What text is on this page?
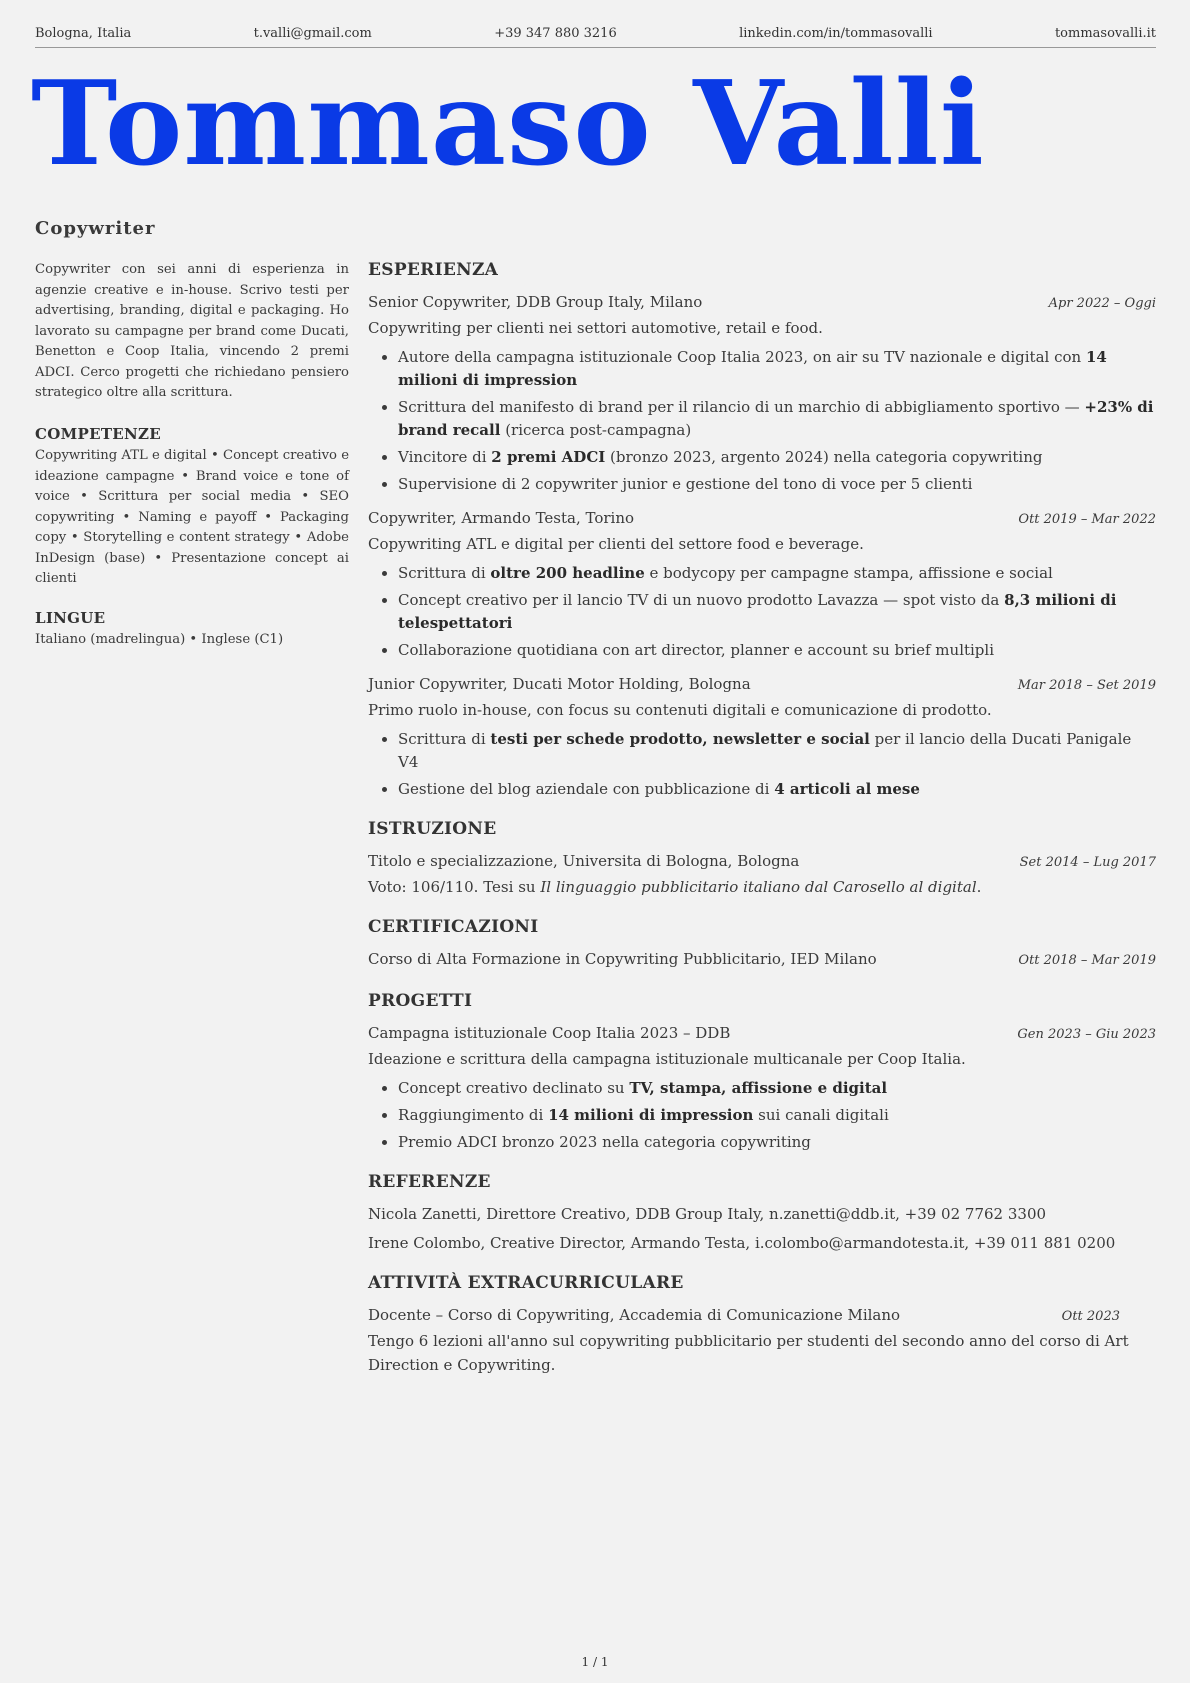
Bologna, Italia	t.valli@gmail.com	+39 347 880 3216	linkedin.com/in/tommasovalli	tommasovalli.it
Tommaso Valli
Copywriter

Copywriter con sei anni di esperienza in agenzie creative e in-house. Scrivo testi per advertising, branding, digital e packaging. Ho lavorato su campagne per brand come Ducati, Benetton e Coop Italia, vincendo 2 premi ADCI. Cerco progetti che richiedano pensiero strategico oltre alla scrittura.

COMPETENZE
Copywriting ATL e digital • Concept creativo e ideazione campagne • Brand voice e tone of voice • Scrittura per social media • SEO copywriting • Naming e payoff • Packaging copy • Storytelling e content strategy • Adobe InDesign (base) • Presentazione concept ai clienti
LINGUE
Italiano (madrelingua) • Inglese (C1)
ESPERIENZA
Senior Copywriter, DDB Group Italy, Milano	Apr 2022 – Oggi

Copywriting per clienti nei settori automotive, retail e food.

• Autore della campagna istituzionale Coop Italia 2023, on air su TV nazionale e digital con 14 milioni di impression
• Scrittura del manifesto di brand per il rilancio di un marchio di abbigliamento sportivo — +23% di brand recall (ricerca post-campagna)
• Vincitore di 2 premi ADCI (bronzo 2023, argento 2024) nella categoria copywriting
• Supervisione di 2 copywriter junior e gestione del tono di voce per 5 clienti
Copywriter, Armando Testa, Torino	Ott 2019 – Mar 2022

Copywriting ATL e digital per clienti del settore food e beverage.

• Scrittura di oltre 200 headline e bodycopy per campagne stampa, affissione e social
• Concept creativo per il lancio TV di un nuovo prodotto Lavazza — spot visto da 8,3 milioni di telespettatori
• Collaborazione quotidiana con art director, planner e account su brief multipli
Junior Copywriter, Ducati Motor Holding, Bologna	Mar 2018 – Set 2019

Primo ruolo in-house, con focus su contenuti digitali e comunicazione di prodotto.

• Scrittura di testi per schede prodotto, newsletter e social per il lancio della Ducati Panigale V4
• Gestione del blog aziendale con pubblicazione di 4 articoli al mese
ISTRUZIONE
Titolo e specializzazione, Universita di Bologna, Bologna	Set 2014 – Lug 2017

Voto: 106/110. Tesi su Il linguaggio pubblicitario italiano dal Carosello al digital.

CERTIFICAZIONI
Corso di Alta Formazione in Copywriting Pubblicitario, IED Milano	Ott 2018 – Mar 2019
PROGETTI
Campagna istituzionale Coop Italia 2023 – DDB	Gen 2023 – Giu 2023

Ideazione e scrittura della campagna istituzionale multicanale per Coop Italia.

• Concept creativo declinato su TV, stampa, affissione e digital
• Raggiungimento di 14 milioni di impression sui canali digitali
• Premio ADCI bronzo 2023 nella categoria copywriting
REFERENZE

Nicola Zanetti, Direttore Creativo, DDB Group Italy, n.zanetti@ddb.it, +39 02 7762 3300

Irene Colombo, Creative Director, Armando Testa, i.colombo@armandotesta.it, +39 011 881 0200

ATTIVITÀ EXTRACURRICULARE
Docente – Corso di Copywriting, Accademia di Comunicazione Milano	Ott 2023

Tengo 6 lezioni all'anno sul copywriting pubblicitario per studenti del secondo anno del corso di Art Direction e Copywriting.

1 / 1
